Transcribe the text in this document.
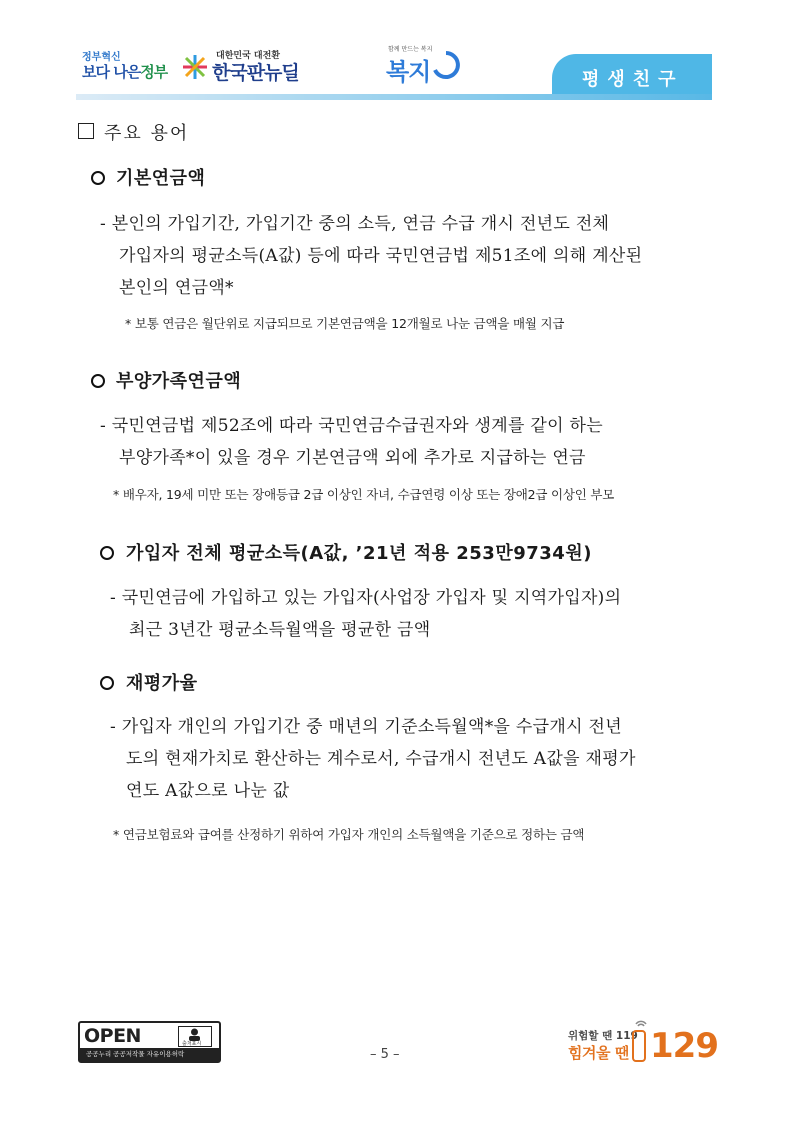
정부혁신
보다 나은정부
대한민국 대전환
한국판뉴딜
함께 만드는 복지
복지	평생친구
주요 용어
기본연금액
- 본인의 가입기간, 가입기간 중의 소득, 연금 수급 개시 전년도 전체
가입자의 평균소득(A값) 등에 따라 국민연금법 제51조에 의해 계산된
본인의 연금액*
* 보통 연금은 월단위로 지급되므로 기본연금액을 12개월로 나눈 금액을 매월 지급
부양가족연금액
- 국민연금법 제52조에 따라 국민연금수급권자와 생계를 같이 하는
부양가족*이 있을 경우 기본연금액 외에 추가로 지급하는 연금
* 배우자, 19세 미만 또는 장애등급 2급 이상인 자녀, 수급연령 이상 또는 장애2급 이상인 부모
가입자 전체 평균소득(A값, ’21년 적용 253만9734원)
- 국민연금에 가입하고 있는 가입자(사업장 가입자 및 지역가입자)의
최근 3년간 평균소득월액을 평균한 금액
재평가율
- 가입자 개인의 가입기간 중 매년의 기준소득월액*을 수급개시 전년
도의 현재가치로 환산하는 계수로서, 수급개시 전년도 A값을 재평가
연도 A값으로 나눈 값
* 연금보험료와 급여를 산정하기 위하여 가입자 개인의 소득월액을 기준으로 정하는 금액
OPEN	출처표시
공공누리 공공저작물 자유이용허락	– 5 –
위험할 땐 119
힘겨울 땐 129
